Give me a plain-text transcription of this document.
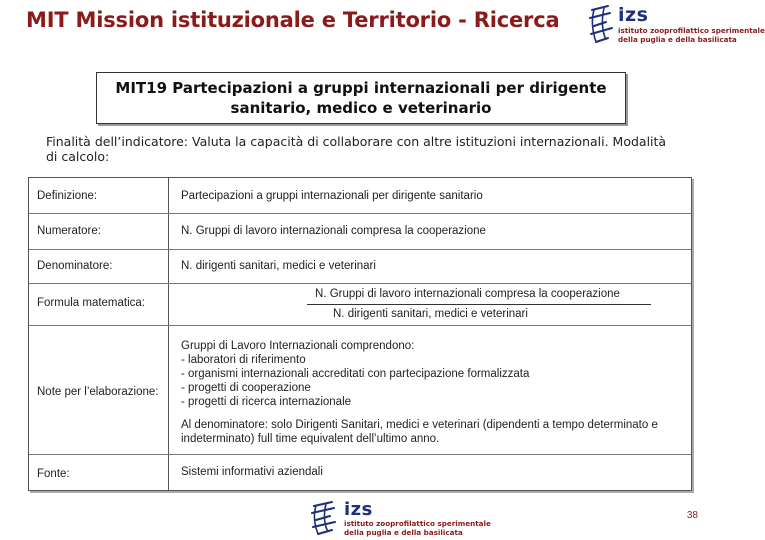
MIT Mission istituzionale e Territorio - Ricerca	izs
istituto zooprofilattico sperimentale
della puglia e della basilicata
MIT19 Partecipazioni a gruppi internazionali per dirigente
sanitario, medico e veterinario
Finalità dell’indicatore: Valuta la capacità di collaborare con altre istituzioni internazionali. Modalità di calcolo:
Definizione:	Partecipazioni a gruppi internazionali per dirigente sanitario
Numeratore:	N. Gruppi di lavoro internazionali compresa la cooperazione
Denominatore:	N. dirigenti sanitari, medici e veterinari
Formula matematica:
N. Gruppi di lavoro internazionali compresa la cooperazione
N. dirigenti sanitari, medici e veterinari
Note per l’elaborazione:
Gruppi di Lavoro Internazionali comprendono:
- laboratori di riferimento
- organismi internazionali accreditati con partecipazione formalizzata
- progetti di cooperazione
- progetti di ricerca internazionale
Al denominatore: solo Dirigenti Sanitari, medici e veterinari (dipendenti a tempo determinato e
indeterminato) full time equivalent dell’ultimo anno.
Fonte:	Sistemi informativi aziendali
izs
istituto zooprofilattico sperimentale
della puglia e della basilicata
38
